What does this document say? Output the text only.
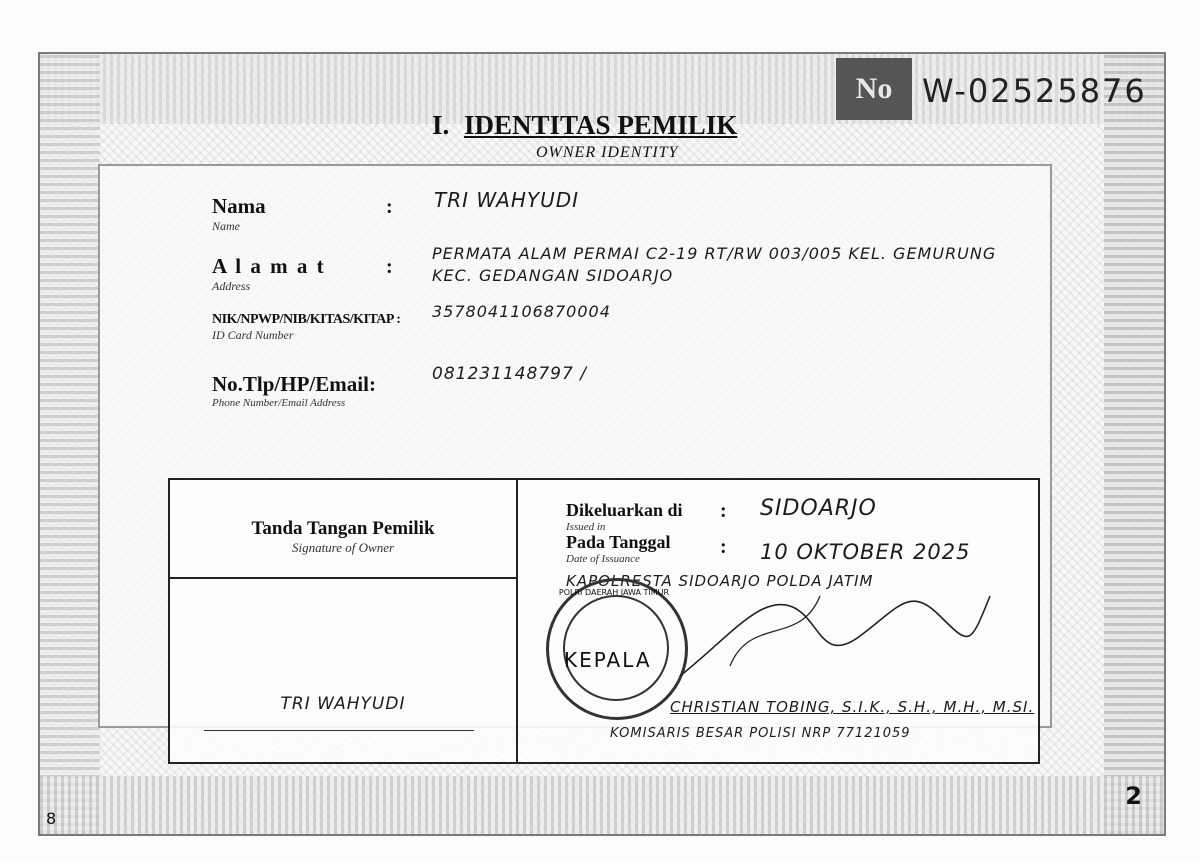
No W-02525876
I. IDENTITAS PEMILIK
OWNER IDENTITY
Nama
Name
: TRI WAHYUDI
A l a m a t
Address
:
PERMATA ALAM PERMAI C2-19 RT/RW 003/005 KEL. GEMURUNG
KEC. GEDANGAN SIDOARJO
NIK/NPWP/NIB/KITAS/KITAP :
ID Card Number
3578041106870004
No.Tlp/HP/Email:
Phone Number/Email Address
081231148797 /
Tanda Tangan Pemilik
Signature of Owner
TRI WAHYUDI
Dikeluarkan di
Issued in
: SIDOARJO
Pada Tanggal
Date of Issuance
: 10 OKTOBER 2025
KAPOLRESTA SIDOARJO POLDA JATIM
POLRI DAERAH JAWA TIMUR
KEPALA
CHRISTIAN TOBING, S.I.K., S.H., M.H., M.SI.
KOMISARIS BESAR POLISI NRP 77121059
2
8
